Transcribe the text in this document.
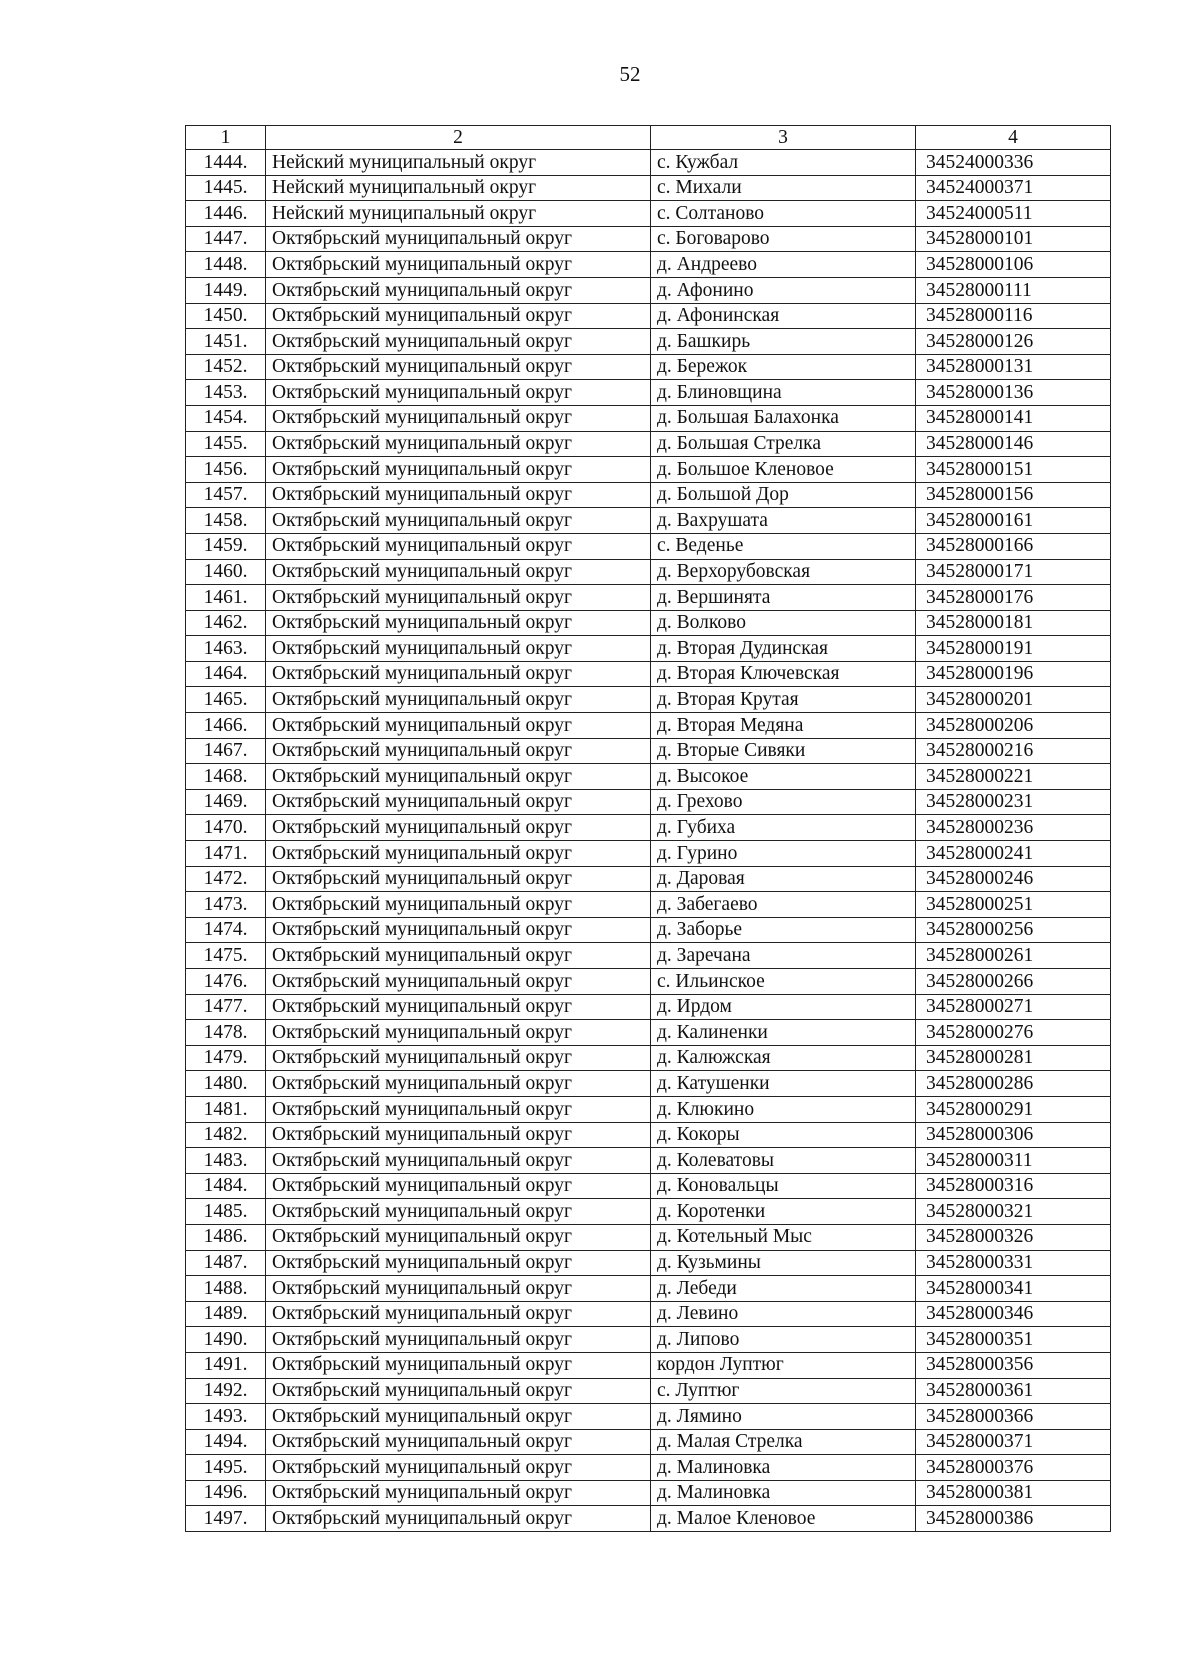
52
1	2	3	4
1444.	Нейский муниципальный округ	с. Кужбал	34524000336
1445.	Нейский муниципальный округ	с. Михали	34524000371
1446.	Нейский муниципальный округ	с. Солтаново	34524000511
1447.	Октябрьский муниципальный округ	с. Боговарово	34528000101
1448.	Октябрьский муниципальный округ	д. Андреево	34528000106
1449.	Октябрьский муниципальный округ	д. Афонино	34528000111
1450.	Октябрьский муниципальный округ	д. Афонинская	34528000116
1451.	Октябрьский муниципальный округ	д. Башкирь	34528000126
1452.	Октябрьский муниципальный округ	д. Бережок	34528000131
1453.	Октябрьский муниципальный округ	д. Блиновщина	34528000136
1454.	Октябрьский муниципальный округ	д. Большая Балахонка	34528000141
1455.	Октябрьский муниципальный округ	д. Большая Стрелка	34528000146
1456.	Октябрьский муниципальный округ	д. Большое Кленовое	34528000151
1457.	Октябрьский муниципальный округ	д. Большой Дор	34528000156
1458.	Октябрьский муниципальный округ	д. Вахрушата	34528000161
1459.	Октябрьский муниципальный округ	с. Веденье	34528000166
1460.	Октябрьский муниципальный округ	д. Верхорубовская	34528000171
1461.	Октябрьский муниципальный округ	д. Вершинята	34528000176
1462.	Октябрьский муниципальный округ	д. Волково	34528000181
1463.	Октябрьский муниципальный округ	д. Вторая Дудинская	34528000191
1464.	Октябрьский муниципальный округ	д. Вторая Ключевская	34528000196
1465.	Октябрьский муниципальный округ	д. Вторая Крутая	34528000201
1466.	Октябрьский муниципальный округ	д. Вторая Медяна	34528000206
1467.	Октябрьский муниципальный округ	д. Вторые Сивяки	34528000216
1468.	Октябрьский муниципальный округ	д. Высокое	34528000221
1469.	Октябрьский муниципальный округ	д. Грехово	34528000231
1470.	Октябрьский муниципальный округ	д. Губиха	34528000236
1471.	Октябрьский муниципальный округ	д. Гурино	34528000241
1472.	Октябрьский муниципальный округ	д. Даровая	34528000246
1473.	Октябрьский муниципальный округ	д. Забегаево	34528000251
1474.	Октябрьский муниципальный округ	д. Заборье	34528000256
1475.	Октябрьский муниципальный округ	д. Заречана	34528000261
1476.	Октябрьский муниципальный округ	с. Ильинское	34528000266
1477.	Октябрьский муниципальный округ	д. Ирдом	34528000271
1478.	Октябрьский муниципальный округ	д. Калиненки	34528000276
1479.	Октябрьский муниципальный округ	д. Калюжская	34528000281
1480.	Октябрьский муниципальный округ	д. Катушенки	34528000286
1481.	Октябрьский муниципальный округ	д. Клюкино	34528000291
1482.	Октябрьский муниципальный округ	д. Кокоры	34528000306
1483.	Октябрьский муниципальный округ	д. Колеватовы	34528000311
1484.	Октябрьский муниципальный округ	д. Коновальцы	34528000316
1485.	Октябрьский муниципальный округ	д. Коротенки	34528000321
1486.	Октябрьский муниципальный округ	д. Котельный Мыс	34528000326
1487.	Октябрьский муниципальный округ	д. Кузьмины	34528000331
1488.	Октябрьский муниципальный округ	д. Лебеди	34528000341
1489.	Октябрьский муниципальный округ	д. Левино	34528000346
1490.	Октябрьский муниципальный округ	д. Липово	34528000351
1491.	Октябрьский муниципальный округ	кордон Луптюг	34528000356
1492.	Октябрьский муниципальный округ	с. Луптюг	34528000361
1493.	Октябрьский муниципальный округ	д. Лямино	34528000366
1494.	Октябрьский муниципальный округ	д. Малая Стрелка	34528000371
1495.	Октябрьский муниципальный округ	д. Малиновка	34528000376
1496.	Октябрьский муниципальный округ	д. Малиновка	34528000381
1497.	Октябрьский муниципальный округ	д. Малое Кленовое	34528000386
